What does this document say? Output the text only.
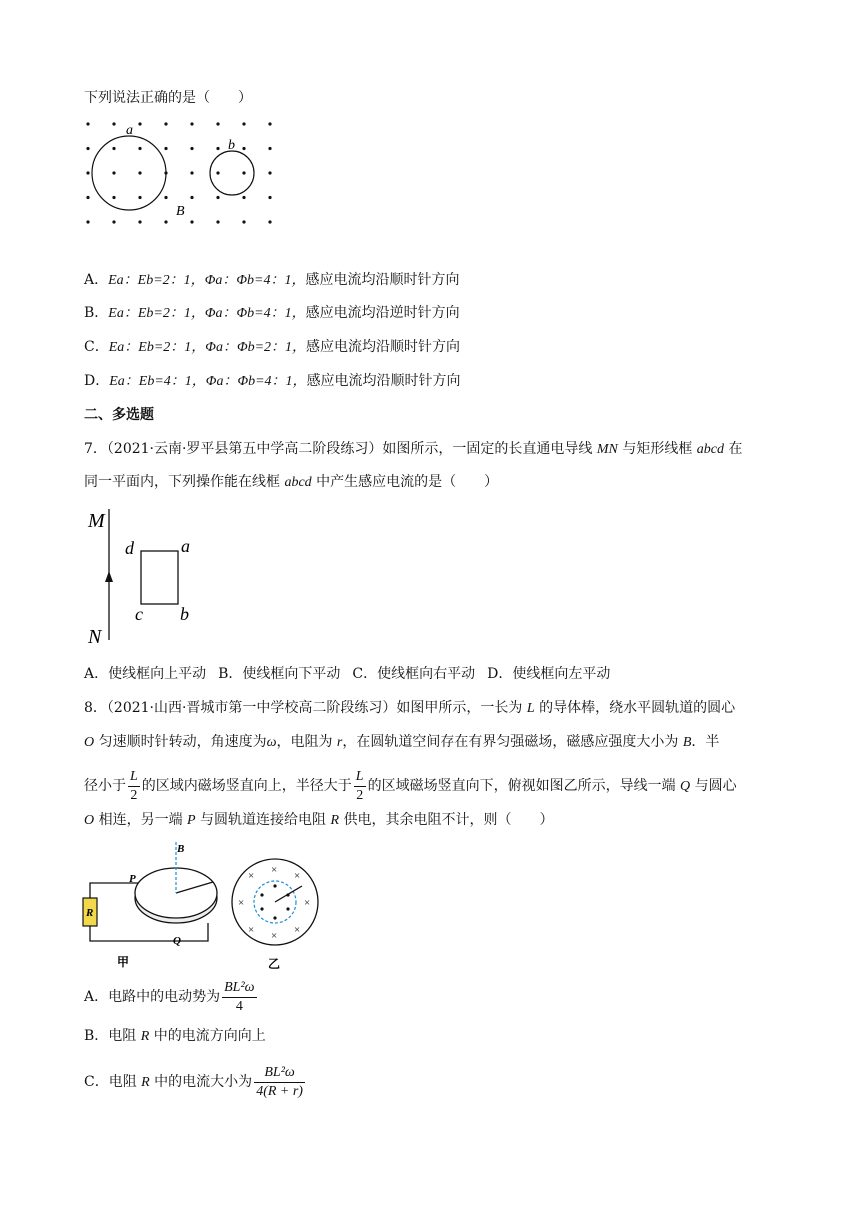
下列说法正确的是（　　）
a
b
B
A．Ea：Eb=2：1，Φa：Φb=4：1，感应电流均沿顺时针方向
B．Ea：Eb=2：1，Φa：Φb=4：1，感应电流均沿逆时针方向
C．Ea：Eb=2：1，Φa：Φb=2：1，感应电流均沿顺时针方向
D．Ea：Eb=4：1，Φa：Φb=4：1，感应电流均沿顺时针方向
二、多选题
7．（2021·云南·罗平县第五中学高二阶段练习）如图所示，一固定的长直通电导线 MN 与矩形线框 abcd 在
同一平面内，下列操作能在线框 abcd 中产生感应电流的是（　　）
M
N
d	a
c b
A．使线框向上平动 B．使线框向下平动 C．使线框向右平动 D．使线框向左平动
8．（2021·山西·晋城市第一中学校高二阶段练习）如图甲所示，一长为 L 的导体棒，绕水平圆轨道的圆心
O 匀速顺时针转动，角速度为ω，电阻为 r，在圆轨道空间存在有界匀强磁场，磁感应强度大小为 B．半
径小于 $\frac{L}{2}$ 的区域内磁场竖直向上，半径大于 $\frac{L}{2}$ 的区域磁场竖直向下，俯视如图乙所示，导线一端 Q 与圆心
O 相连，另一端 P 与圆轨道连接给电阻 R 供电，其余电阻不计，则（　　）
R
B
P
Q
甲
× × ×
×	×
× × ×
乙
A．电路中的电动势为 $\frac{\text{BL²ω}}{4}$
B．电阻 R 中的电流方向向上
C．电阻 R 中的电流大小为 $\frac{\text{BL²ω}}{4(R + r)}$
